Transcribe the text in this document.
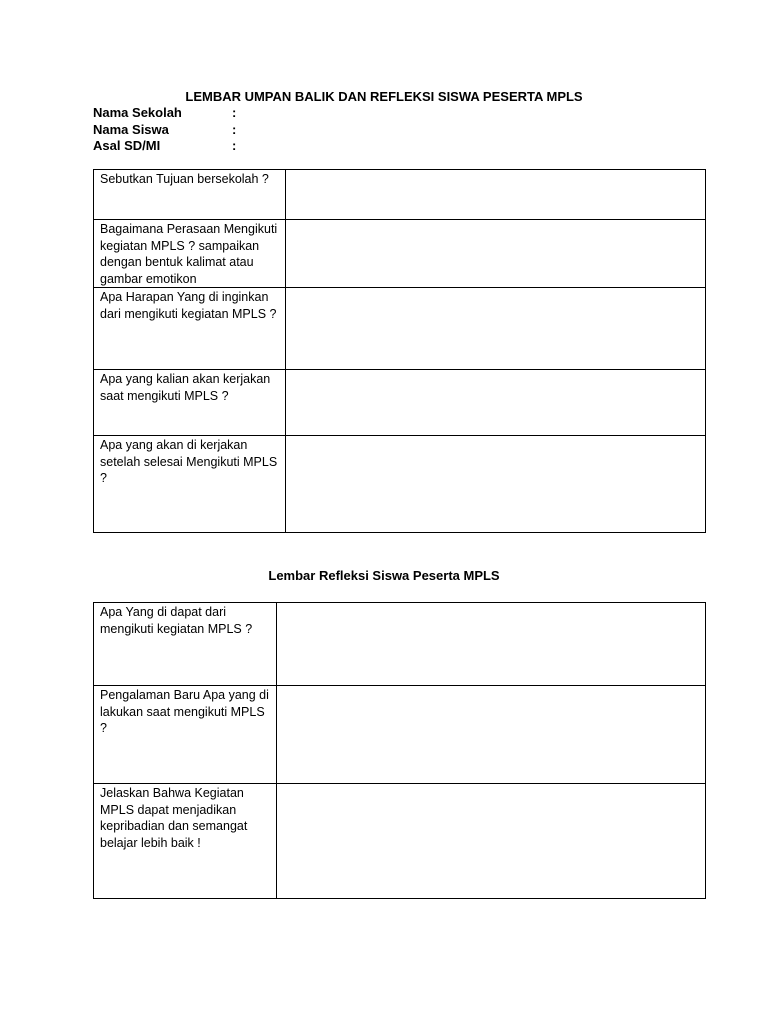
LEMBAR UMPAN BALIK DAN REFLEKSI SISWA PESERTA MPLS
Nama Sekolah	:
Nama Siswa	:
Asal SD/MI	:
Sebutkan Tujuan bersekolah ?	
Bagaimana Perasaan Mengikuti kegiatan MPLS ? sampaikan dengan bentuk kalimat atau gambar emotikon	
Apa Harapan Yang di inginkan dari mengikuti kegiatan MPLS ?	
Apa yang kalian akan kerjakan saat mengikuti MPLS ?	
Apa yang akan di kerjakan setelah selesai Mengikuti MPLS ?	
Lembar Refleksi Siswa Peserta MPLS
Apa Yang di dapat dari mengikuti kegiatan MPLS ?	
Pengalaman Baru Apa yang di lakukan saat mengikuti MPLS ?	
Jelaskan Bahwa Kegiatan MPLS dapat menjadikan kepribadian dan semangat belajar lebih baik !	
